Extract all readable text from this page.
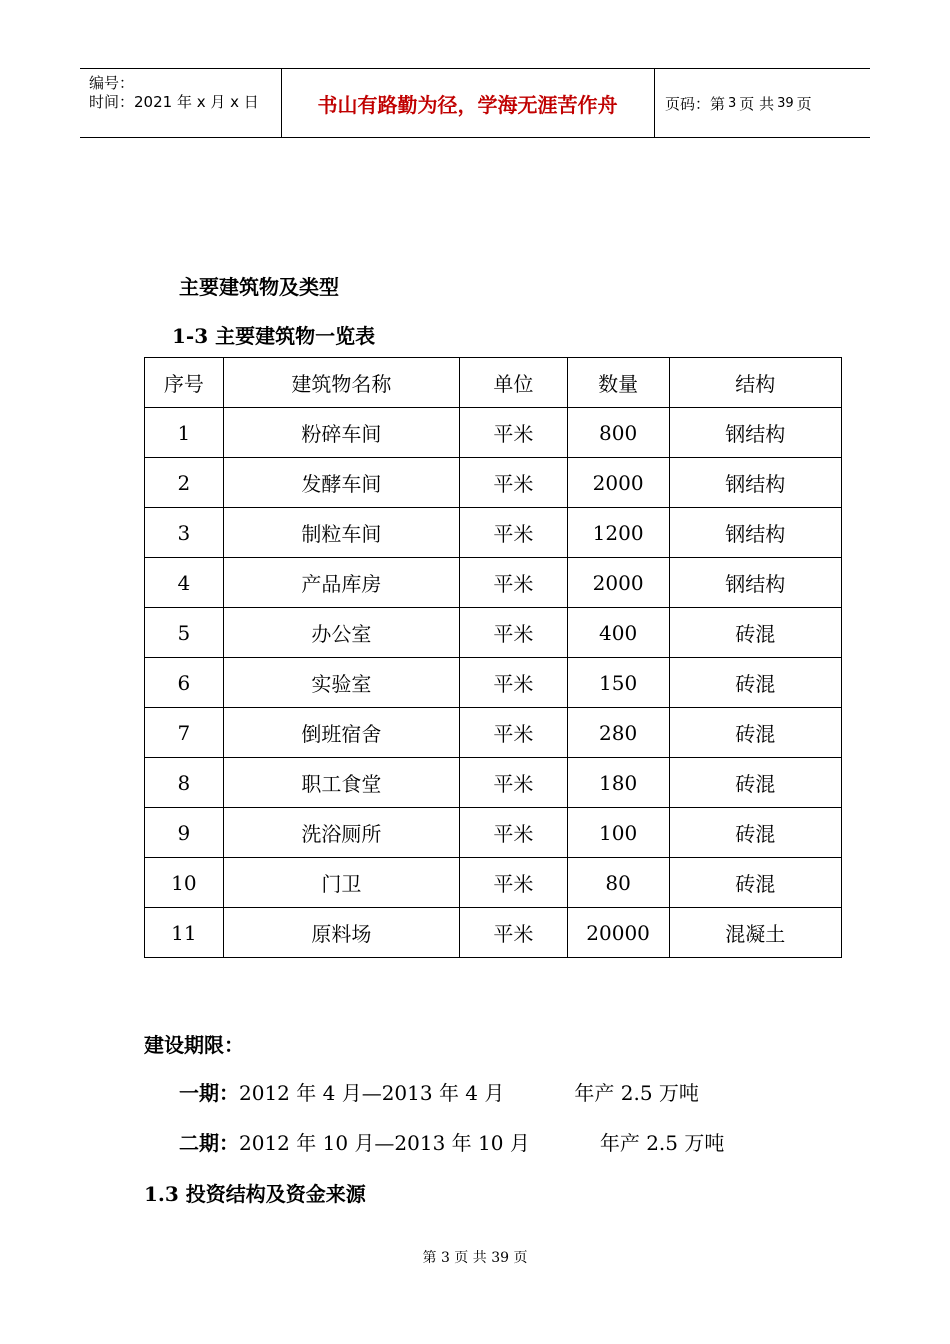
编号：
时间：2021 年 x 月 x 日	书山有路勤为径，学海无涯苦作舟	页码：第 3 页 共 39 页
主要建筑物及类型
1-3 主要建筑物一览表
序号	建筑物名称	单位	数量	结构
1	粉碎车间	平米	800	钢结构
2	发酵车间	平米	2000	钢结构
3	制粒车间	平米	1200	钢结构
4	产品库房	平米	2000	钢结构
5	办公室	平米	400	砖混
6	实验室	平米	150	砖混
7	倒班宿舍	平米	280	砖混
8	职工食堂	平米	180	砖混
9	洗浴厕所	平米	100	砖混
10	门卫	平米	80	砖混
11	原料场	平米	20000	混凝土
建设期限：
一期：2012 年 4 月—2013 年 4 月	年产 2.5 万吨
二期：2012 年 10 月—2013 年 10 月	年产 2.5 万吨
1.3 投资结构及资金来源
第 3 页 共 39 页
